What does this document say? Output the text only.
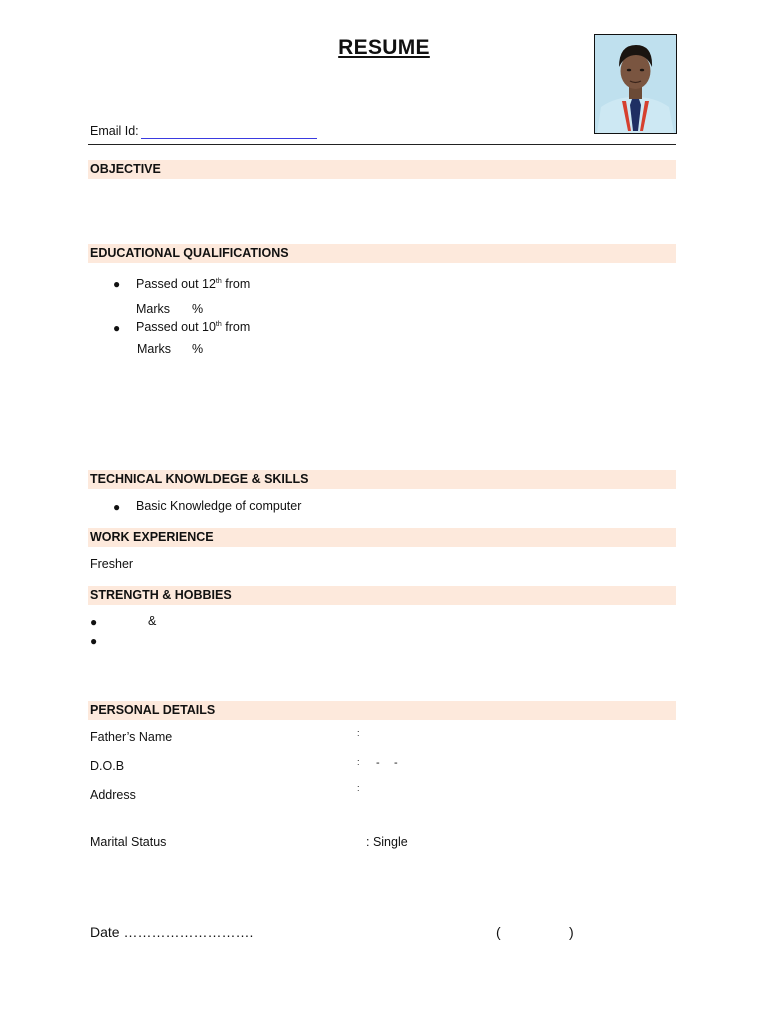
RESUME
Email Id:
OBJECTIVE
EDUCATIONAL QUALIFICATIONS
● Passed out 12th from
Marks %
● Passed out 10th from
Marks %
TECHNICAL KNOWLDEGE & SKILLS
● Basic Knowledge of computer
WORK EXPERIENCE
Fresher
STRENGTH & HOBBIES
●	&
●
PERSONAL DETAILS
Father’s Name	:
D.O.B	: - -
Address	:
Marital Status	: Single
Date ……………………….	(	)
